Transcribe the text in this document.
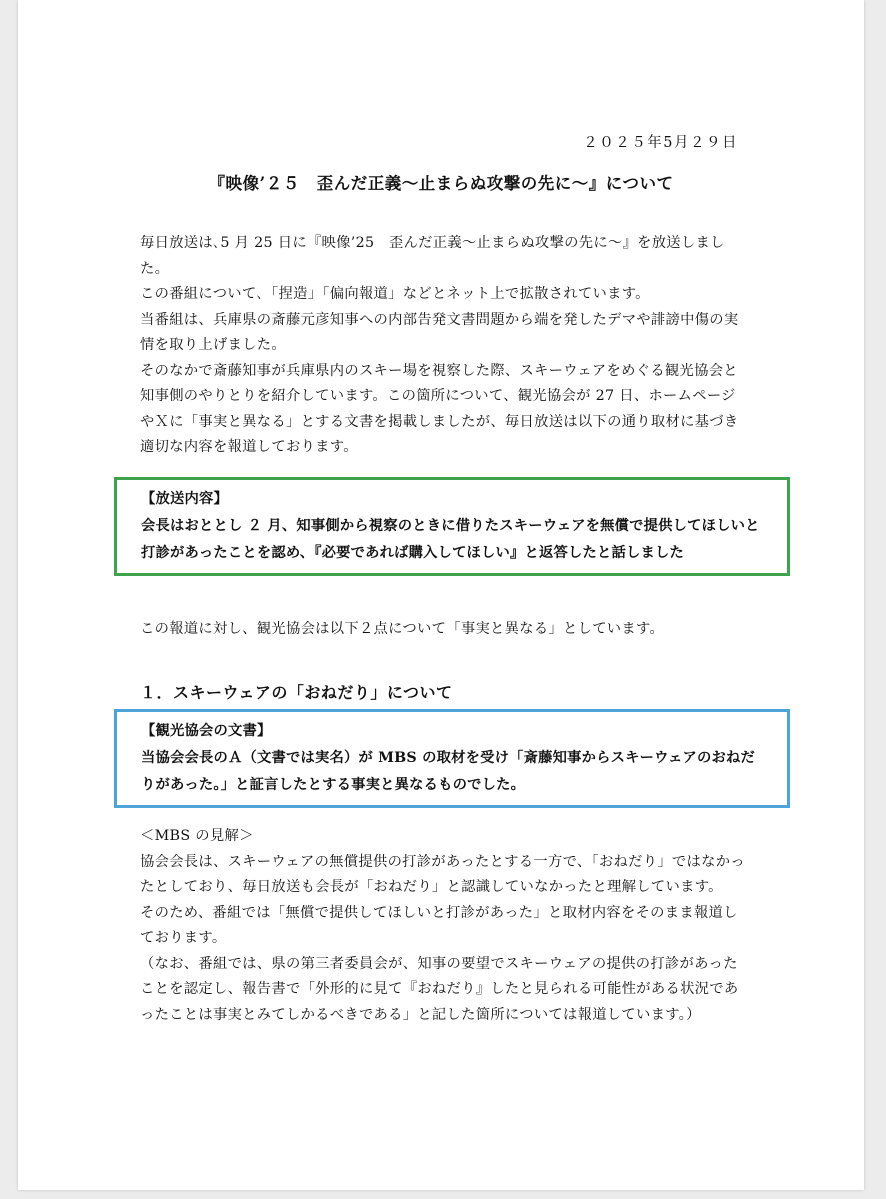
２０２５年5月２９日
『映像’２５　歪んだ正義〜止まらぬ攻撃の先に〜』について

毎日放送は､5 月 25 日に『映像’25　歪んだ正義〜止まらぬ攻撃の先に〜』を放送しました。

この番組について､「捏造」「偏向報道」などとネット上で拡散されています。

当番組は、兵庫県の斎藤元彦知事への内部告発文書問題から端を発したデマや誹謗中傷の実情を取り上げました。

そのなかで斎藤知事が兵庫県内のスキー場を視察した際、スキーウェアをめぐる観光協会と知事側のやりとりを紹介しています。この箇所について、観光協会が 27 日、ホームページやＸに「事実と異なる」とする文書を掲載しましたが、毎日放送は以下の通り取材に基づき適切な内容を報道しております。

【放送内容】

会長はおととし ２ 月、知事側から視察のときに借りたスキーウェアを無償で提供してほしいと打診があったことを認め、『必要であれば購入してほしい』と返答したと話しました

この報道に対し、観光協会は以下２点について「事実と異なる」としています。

１．スキーウェアの「おねだり」について

【観光協会の文書】

当協会会長のＡ（文書では実名）が MBS の取材を受け「斎藤知事からスキーウェアのおねだりがあった。」と証言したとする事実と異なるものでした。

＜MBS の見解＞

協会会長は、スキーウェアの無償提供の打診があったとする一方で、「おねだり」ではなかったとしており、毎日放送も会長が「おねだり」と認識していなかったと理解しています。

そのため、番組では「無償で提供してほしいと打診があった」と取材内容をそのまま報道しております。

（なお、番組では、県の第三者委員会が、知事の要望でスキーウェアの提供の打診があったことを認定し、報告書で「外形的に見て『おねだり』したと見られる可能性がある状況であったことは事実とみてしかるべきである」と記した箇所については報道しています。）
